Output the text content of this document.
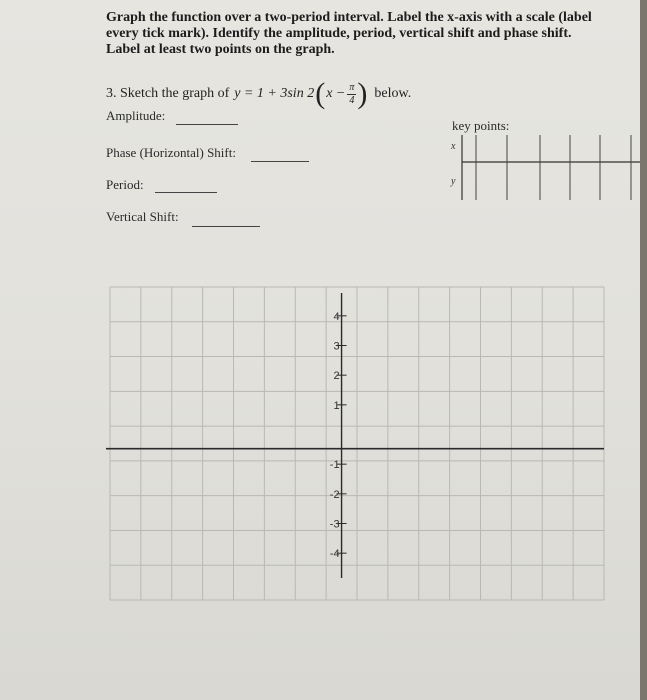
Graph the function over a two-period interval. Label the x-axis with a scale (label
every tick mark). Identify the amplitude, period, vertical shift and phase shift.
Label at least two points on the graph.
3. Sketch the graph of y = 1 + 3sin 2 ( $x - \frac{\pi}{4}$ ) below.
Amplitude:
Phase (Horizontal) Shift:
Period:
Vertical Shift:
key points:
x
y
4
3
2
1
-1
-2
-3
-4
